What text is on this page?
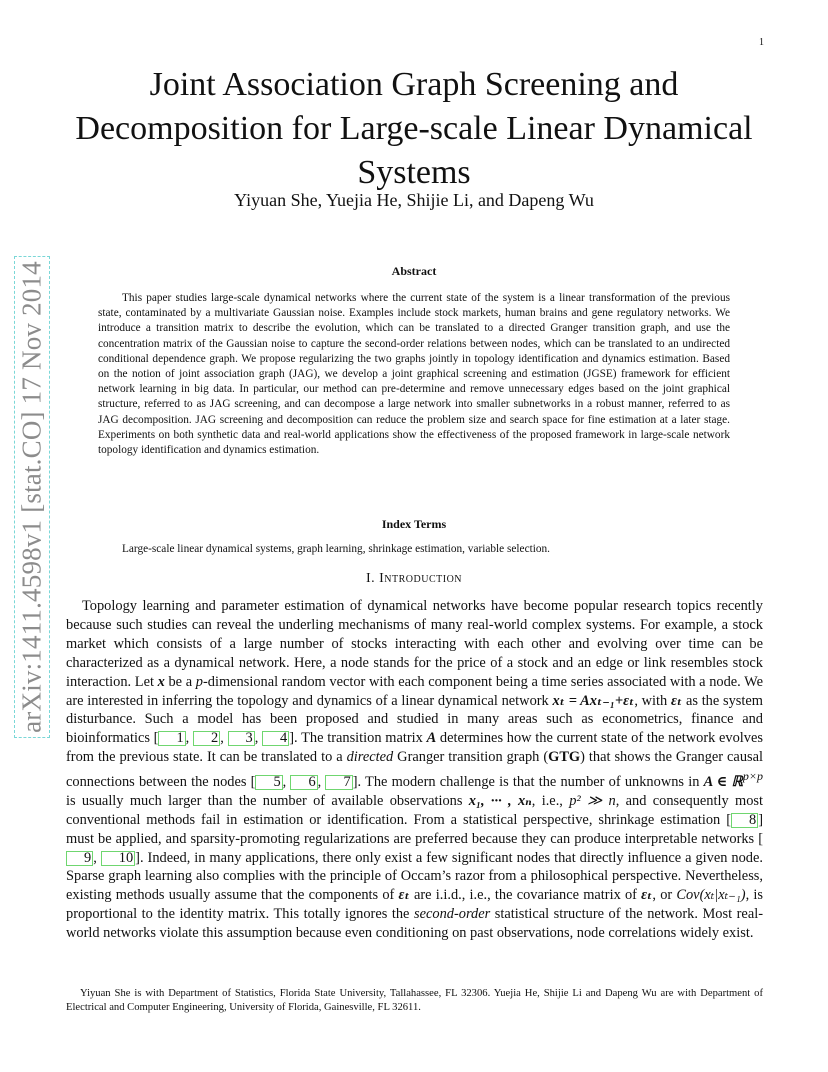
1
arXiv:1411.4598v1 [stat.CO] 17 Nov 2014
Joint Association Graph Screening and Decomposition for Large-scale Linear Dynamical Systems
Yiyuan She, Yuejia He, Shijie Li, and Dapeng Wu
Abstract

This paper studies large-scale dynamical networks where the current state of the system is a linear transformation of the previous state, contaminated by a multivariate Gaussian noise. Examples include stock markets, human brains and gene regulatory networks. We introduce a transition matrix to describe the evolution, which can be translated to a directed Granger transition graph, and use the concentration matrix of the Gaussian noise to capture the second-order relations between nodes, which can be translated to an undirected conditional dependence graph. We propose regularizing the two graphs jointly in topology identification and dynamics estimation. Based on the notion of joint association graph (JAG), we develop a joint graphical screening and estimation (JGSE) framework for efficient network learning in big data. In particular, our method can pre-determine and remove unnecessary edges based on the joint graphical structure, referred to as JAG screening, and can decompose a large network into smaller subnetworks in a robust manner, referred to as JAG decomposition. JAG screening and decomposition can reduce the problem size and search space for fine estimation at a later stage. Experiments on both synthetic data and real-world applications show the effectiveness of the proposed framework in large-scale network topology identification and dynamics estimation.

Index Terms
Large-scale linear dynamical systems, graph learning, shrinkage estimation, variable selection.
I. Introduction

Topology learning and parameter estimation of dynamical networks have become popular research topics recently because such studies can reveal the underling mechanisms of many real-world complex systems. For example, a stock market which consists of a large number of stocks interacting with each other and evolving over time can be characterized as a dynamical network. Here, a node stands for the price of a stock and an edge or link resembles stock interaction. Let x be a p-dimensional random vector with each component being a time series associated with a node. We are interested in inferring the topology and dynamics of a linear dynamical network xₜ = Axₜ₋₁+εₜ, with εₜ as the system disturbance. Such a model has been proposed and studied in many areas such as econometrics, finance and bioinformatics [ 1 , 2 , 3 , 4 ]. The transition matrix A determines how the current state of the network evolves from the previous state. It can be translated to a directed Granger transition graph (GTG) that shows the Granger causal connections between the nodes [ 5 , 6 , 7 ]. The modern challenge is that the number of unknowns in A ∈ ℝ$^{p\times p}$ is usually much larger than the number of available observations x₁, ··· , xₙ, i.e., p² ≫ n, and consequently most conventional methods fail in estimation or identification. From a statistical perspective, shrinkage estimation [ 8 ] must be applied, and sparsity-promoting regularizations are preferred because they can produce interpretable networks [9 , 10 ]. Indeed, in many applications, there only exist a few significant nodes that directly influence a given node. Sparse graph learning also complies with the principle of Occam’s razor from a philosophical perspective. Nevertheless, existing methods usually assume that the components of εₜ are i.i.d., i.e., the covariance matrix of εₜ, or Cov(xₜ|xₜ₋₁), is proportional to the identity matrix. This totally ignores the second-order statistical structure of the network. Most real-world networks violate this assumption because even conditioning on past observations, node correlations widely exist.

Yiyuan She is with Department of Statistics, Florida State University, Tallahassee, FL 32306. Yuejia He, Shijie Li and Dapeng Wu are with Department of Electrical and Computer Engineering, University of Florida, Gainesville, FL 32611.
